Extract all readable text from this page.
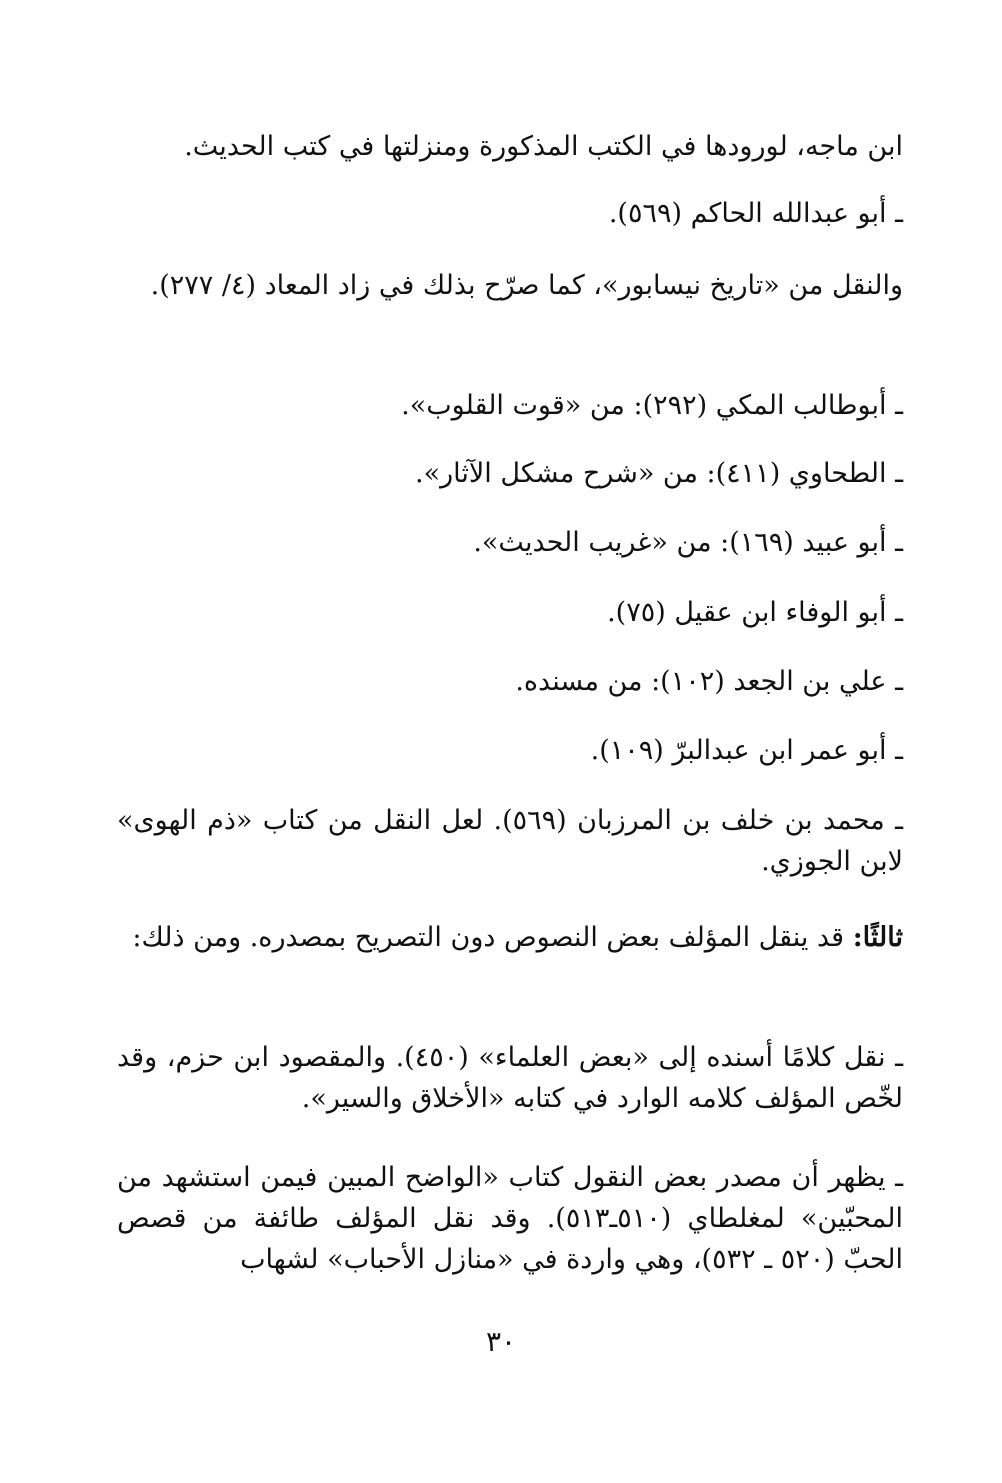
ابن ماجه، لورودها في الكتب المذكورة ومنزلتها في كتب الحديث.

ـ أبو عبدالله الحاكم (٥٦٩).

والنقل من «تاريخ نيسابور»، كما صرّح بذلك في زاد المعاد (٤/ ٢٧٧).

ـ أبوطالب المكي (٢٩٢): من «قوت القلوب».

ـ الطحاوي (٤١١): من «شرح مشكل الآثار».

ـ أبو عبيد (١٦٩): من «غريب الحديث».

ـ أبو الوفاء ابن عقيل (٧٥).

ـ علي بن الجعد (١٠٢): من مسنده.

ـ أبو عمر ابن عبدالبرّ (١٠٩).

ـ محمد بن خلف بن المرزبان (٥٦٩). لعل النقل من كتاب «ذم الهوى» لابن الجوزي.

ثالثًا: قد ينقل المؤلف بعض النصوص دون التصريح بمصدره. ومن ذلك:

ـ نقل كلامًا أسنده إلى «بعض العلماء» (٤٥٠). والمقصود ابن حزم، وقد لخّص المؤلف كلامه الوارد في كتابه «الأخلاق والسير».

ـ يظهر أن مصدر بعض النقول كتاب «الواضح المبين فيمن استشهد من المحبّين» لمغلطاي (٥١٠ـ٥١٣). وقد نقل المؤلف طائفة من قصص الحبّ (٥٢٠ ـ ٥٣٢)، وهي واردة في «منازل الأحباب» لشهاب

٣٠
